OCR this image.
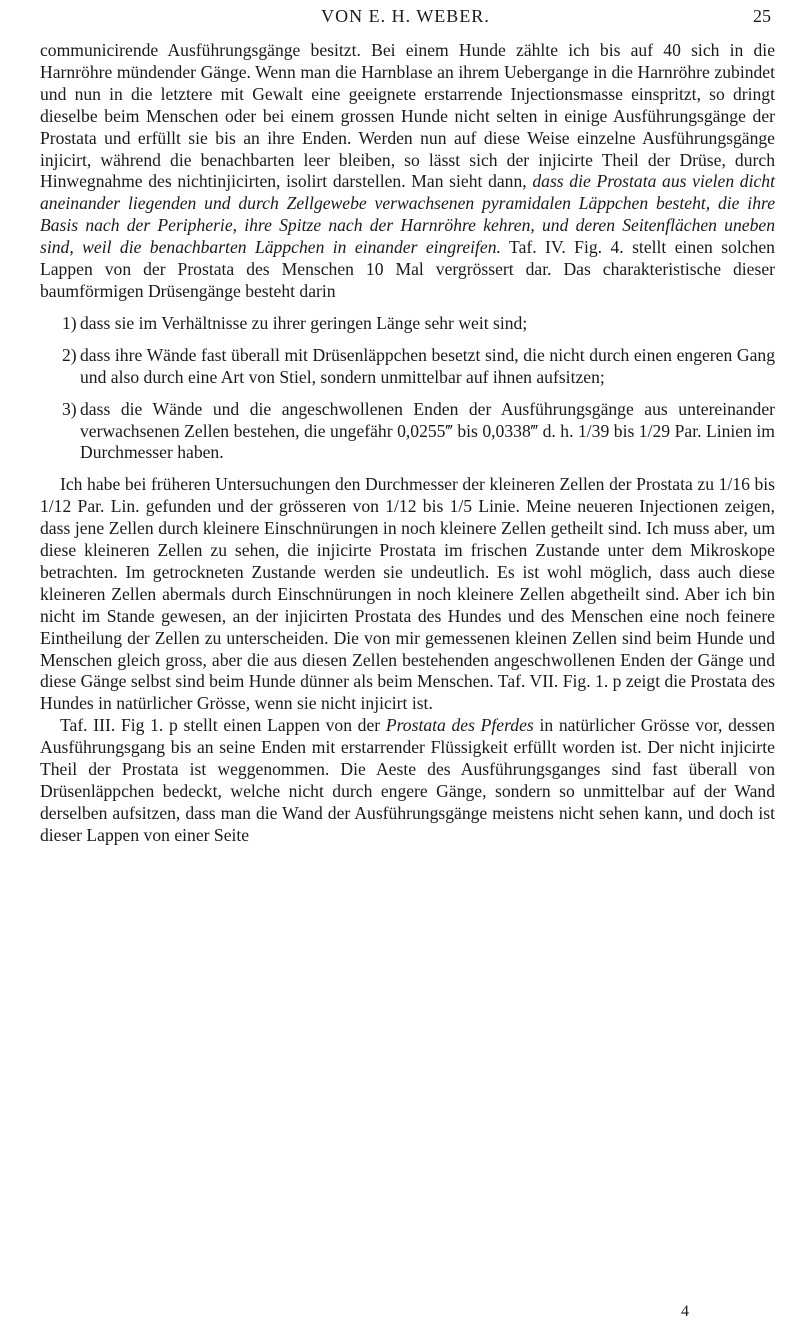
VON E. H. WEBER.	25

communicirende Ausführungsgänge besitzt. Bei einem Hunde zählte ich bis auf 40 sich in die Harnröhre mündender Gänge. Wenn man die Harnblase an ihrem Uebergange in die Harnröhre zubindet und nun in die letztere mit Gewalt eine geeignete erstarrende Injectionsmasse einspritzt, so dringt dieselbe beim Menschen oder bei einem grossen Hunde nicht selten in einige Ausführungsgänge der Prostata und erfüllt sie bis an ihre Enden. Werden nun auf diese Weise einzelne Ausführungsgänge injicirt, während die benachbarten leer bleiben, so lässt sich der injicirte Theil der Drüse, durch Hinwegnahme des nichtinjicirten, isolirt darstellen. Man sieht dann, dass die Prostata aus vielen dicht aneinander liegenden und durch Zellgewebe verwachsenen pyramidalen Läppchen besteht, die ihre Basis nach der Peripherie, ihre Spitze nach der Harnröhre kehren, und deren Seitenflächen uneben sind, weil die benachbarten Läppchen in einander eingreifen. Taf. IV. Fig. 4. stellt einen solchen Lappen von der Prostata des Menschen 10 Mal vergrössert dar. Das charakteristische dieser baumförmigen Drüsengänge besteht darin

1) dass sie im Verhältnisse zu ihrer geringen Länge sehr weit sind;
2) dass ihre Wände fast überall mit Drüsenläppchen besetzt sind, die nicht durch einen engeren Gang und also durch eine Art von Stiel, sondern unmittelbar auf ihnen aufsitzen;
3) dass die Wände und die angeschwollenen Enden der Ausführungsgänge aus untereinander verwachsenen Zellen bestehen, die ungefähr 0,0255‴ bis 0,0338‴ d. h. 1/39 bis 1/29 Par. Linien im Durchmesser haben.

Ich habe bei früheren Untersuchungen den Durchmesser der kleineren Zellen der Prostata zu 1/16 bis 1/12 Par. Lin. gefunden und der grösseren von 1/12 bis 1/5 Linie. Meine neueren Injectionen zeigen, dass jene Zellen durch kleinere Einschnürungen in noch kleinere Zellen getheilt sind. Ich muss aber, um diese kleineren Zellen zu sehen, die injicirte Prostata im frischen Zustande unter dem Mikroskope betrachten. Im getrockneten Zustande werden sie undeutlich. Es ist wohl möglich, dass auch diese kleineren Zellen abermals durch Einschnürungen in noch kleinere Zellen abgetheilt sind. Aber ich bin nicht im Stande gewesen, an der injicirten Prostata des Hundes und des Menschen eine noch feinere Eintheilung der Zellen zu unterscheiden. Die von mir gemessenen kleinen Zellen sind beim Hunde und Menschen gleich gross, aber die aus diesen Zellen bestehenden angeschwollenen Enden der Gänge und diese Gänge selbst sind beim Hunde dünner als beim Menschen. Taf. VII. Fig. 1. p zeigt die Prostata des Hundes in natürlicher Grösse, wenn sie nicht injicirt ist.

Taf. III. Fig 1. p stellt einen Lappen von der Prostata des Pferdes in natürlicher Grösse vor, dessen Ausführungsgang bis an seine Enden mit erstarrender Flüssigkeit erfüllt worden ist. Der nicht injicirte Theil der Prostata ist weggenommen. Die Aeste des Ausführungsganges sind fast überall von Drüsenläppchen bedeckt, welche nicht durch engere Gänge, sondern so unmittelbar auf der Wand derselben aufsitzen, dass man die Wand der Ausführungsgänge meistens nicht sehen kann, und doch ist dieser Lappen von einer Seite

4
